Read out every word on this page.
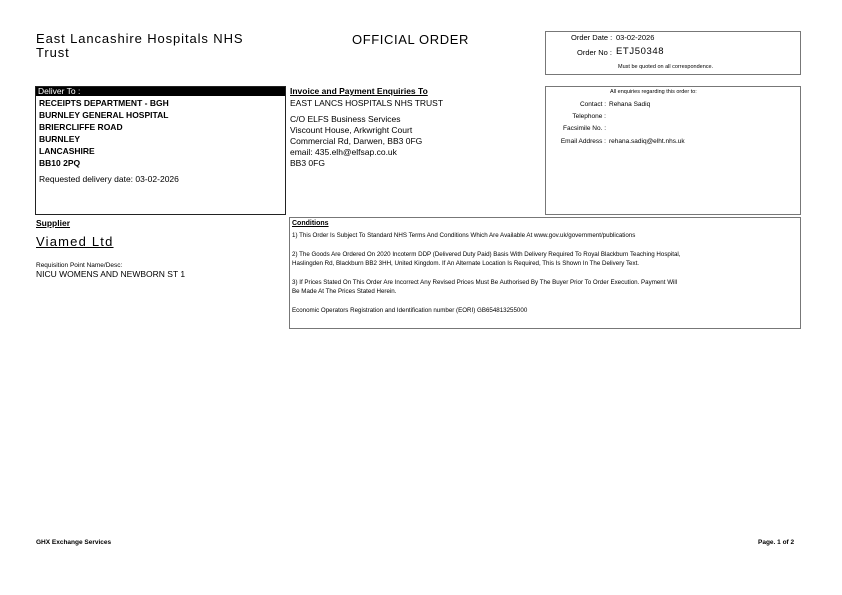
East Lancashire Hospitals NHS
Trust
OFFICIAL ORDER	Order Date : 03-02-2026
Order No : ETJ50348
Must be quoted on all correspondence.
Deliver To :
RECEIPTS DEPARTMENT - BGH
BURNLEY GENERAL HOSPITAL
BRIERCLIFFE ROAD
BURNLEY
LANCASHIRE
BB10 2PQ
Requested delivery date: 03-02-2026
Invoice and Payment Enquiries To
EAST LANCS HOSPITALS NHS TRUST
C/O ELFS Business Services
Viscount House, Arkwright Court
Commercial Rd, Darwen, BB3 0FG
email: 435.elh@elfsap.co.uk
BB3 0FG
All enquiries regarding this order to:
Contact : Rehana Sadiq
Telephone :
Facsimile No. :
Email Address : rehana.sadiq@elht.nhs.uk
Supplier
Viamed Ltd
Requisition Point Name/Desc:
NICU WOMENS AND NEWBORN ST 1
Conditions
1) This Order Is Subject To Standard NHS Terms And Conditions Which Are Available At www.gov.uk/government/publications
2) The Goods Are Ordered On 2020 Incoterm DDP (Delivered Duty Paid) Basis With Delivery Required To Royal Blackburn Teaching Hospital,
Haslingden Rd, Blackburn BB2 3HH, United Kingdom. If An Alternate Location Is Required, This Is Shown In The Delivery Text.
3) If Prices Stated On This Order Are Incorrect Any Revised Prices Must Be Authorised By The Buyer Prior To Order Execution. Payment Will
Be Made At The Prices Stated Herein.
Economic Operators Registration and Identification number (EORI) GB654813255000
GHX Exchange Services	Page. 1 of 2
